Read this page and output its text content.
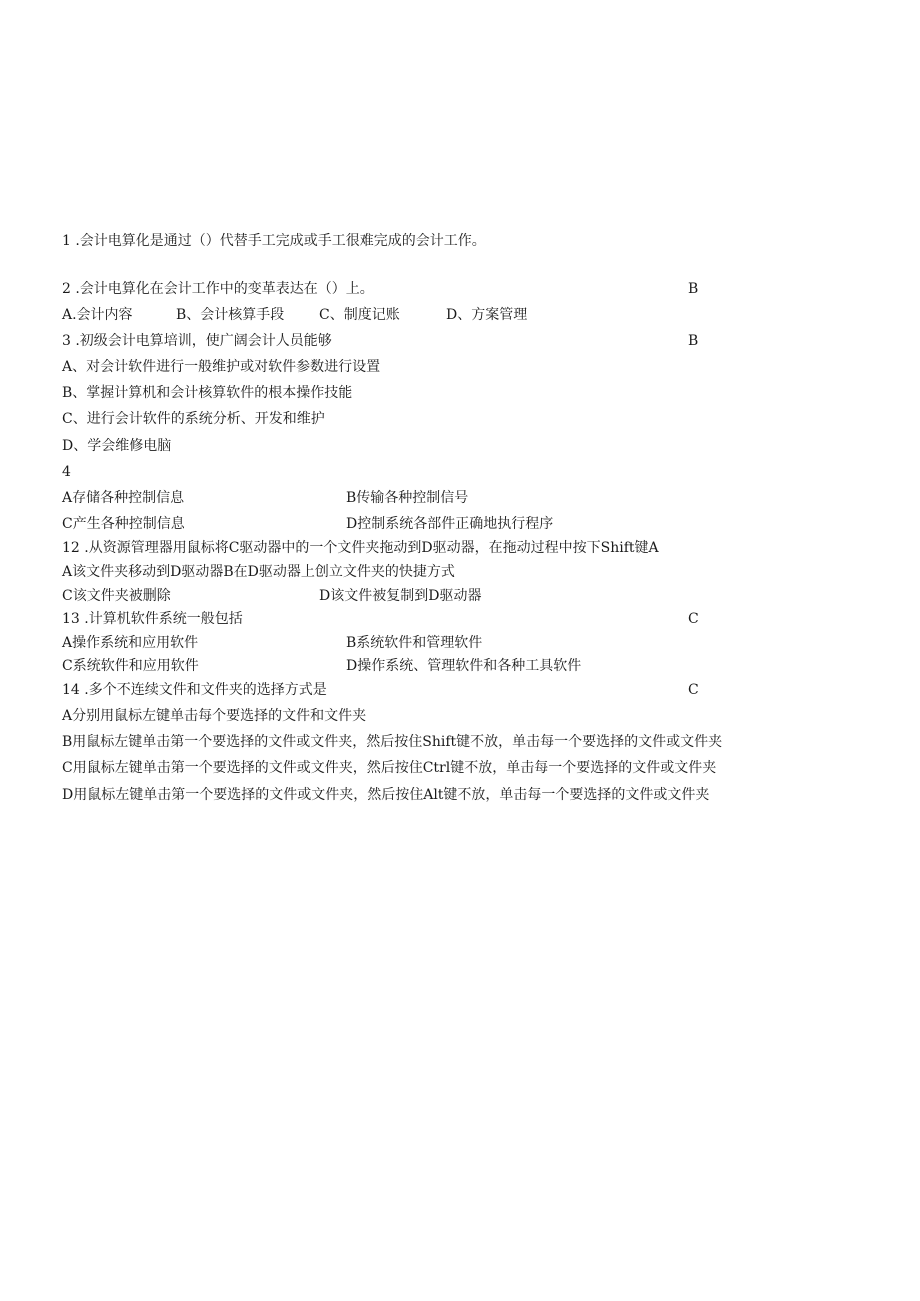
1 .会计电算化是通过（）代替手工完成或手工很难完成的会计工作。
2 .会计电算化在会计工作中的变革表达在（）上。	B
A.会计内容	B、会计核算手段 C、制度记账	D、方案管理
3 .初级会计电算培训，使广阔会计人员能够	B
A、对会计软件进行一般维护或对软件参数进行设置
B、掌握计算机和会计核算软件的根本操作技能
C、进行会计软件的系统分析、开发和维护
D、学会维修电脑
4
A存储各种控制信息	B传输各种控制信号
C产生各种控制信息	D控制系统各部件正确地执行程序
12 .从资源管理器用鼠标将C驱动器中的一个文件夹拖动到D驱动器，在拖动过程中按下Shift键A
A该文件夹移动到D驱动器B在D驱动器上创立文件夹的快捷方式
C该文件夹被删除	D该文件被复制到D驱动器
13 .计算机软件系统一般包括	C
A操作系统和应用软件	B系统软件和管理软件
C系统软件和应用软件	D操作系统、管理软件和各种工具软件
14 .多个不连续文件和文件夹的选择方式是	C
A分别用鼠标左键单击每个要选择的文件和文件夹
B用鼠标左键单击第一个要选择的文件或文件夹，然后按住Shift键不放，单击每一个要选择的文件或文件夹
C用鼠标左键单击第一个要选择的文件或文件夹，然后按住Ctrl键不放，单击每一个要选择的文件或文件夹
D用鼠标左键单击第一个要选择的文件或文件夹，然后按住Alt键不放，单击每一个要选择的文件或文件夹
